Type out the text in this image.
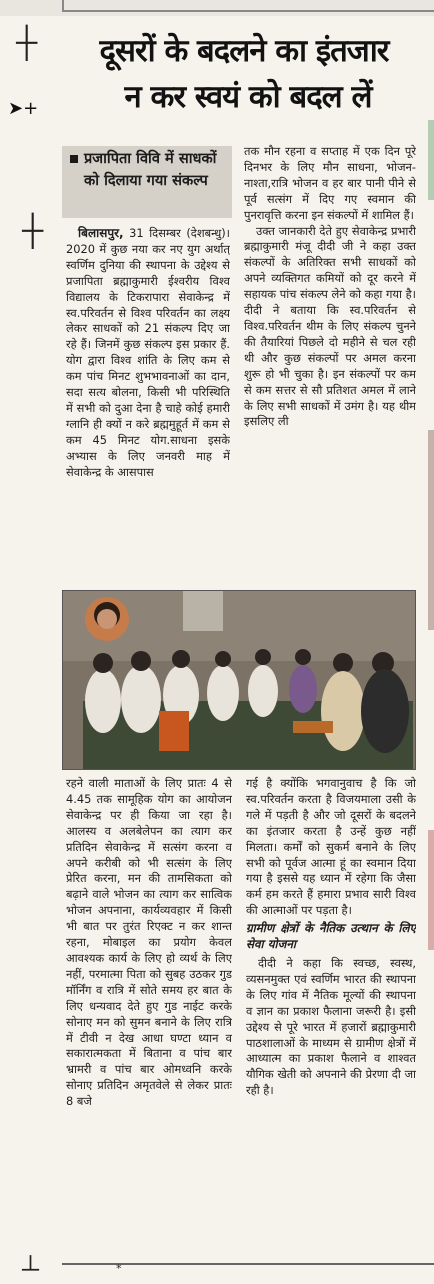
┼
➤+
┼
दूसरों के बदलने का इंतजार
न कर स्वयं को बदल लें
प्रजापिता विवि में साधकों को दिलाया गया संकल्प

बिलासपुर, 31 दिसम्बर (देशबन्धु)। 2020 में कुछ नया कर नए युग अर्थात् स्वर्णिम दुनिया की स्थापना के उद्देश्य से प्रजापिता ब्रह्माकुमारी ईश्वरीय विश्व विद्यालय के टिकरापारा सेवाकेन्द्र में स्व.परिवर्तन से विश्व परिवर्तन का लक्ष्य लेकर साधकों को 21 संकल्प दिए जा रहे हैं। जिनमें कुछ संकल्प इस प्रकार हैं. योग द्वारा विश्व शांति के लिए कम से कम पांच मिनट शुभभावनाओं का दान, सदा सत्य बोलना, किसी भी परिस्थिति में सभी को दुआ देना है चाहे कोई हमारी ग्लानि ही क्यों न करे ब्रह्ममुहूर्त में कम से कम 45 मिनट योग.साधना इसके अभ्यास के लिए जनवरी माह में सेवाकेन्द्र के आसपास

तक मौन रहना व सप्ताह में एक दिन पूरे दिनभर के लिए मौन साधना, भोजन-नाश्ता,रात्रि भोजन व हर बार पानी पीने से पूर्व सत्संग में दिए गए स्वमान की पुनरावृत्ति करना इन संकल्पों में शामिल हैं।

उक्त जानकारी देते हुए सेवाकेन्द्र प्रभारी ब्रह्माकुमारी मंजू दीदी जी ने कहा उक्त संकल्पों के अतिरिक्त सभी साधकों को अपने व्यक्तिगत कमियों को दूर करने में सहायक पांच संकल्प लेने को कहा गया है। दीदी ने बताया कि स्व.परिवर्तन से विश्व.परिवर्तन थीम के लिए संकल्प चुनने की तैयारियां पिछले दो महीने से चल रही थी और कुछ संकल्पों पर अमल करना शुरू हो भी चुका है। इन संकल्पों पर कम से कम सत्तर से सौ प्रतिशत अमल में लाने के लिए सभी साधकों में उमंग है। यह थीम इसलिए ली

रहने वाली माताओं के लिए प्रातः 4 से 4.45 तक सामूहिक योग का आयोजन सेवाकेन्द्र पर ही किया जा रहा है। आलस्य व अलबेलेपन का त्याग कर प्रतिदिन सेवाकेन्द्र में सत्संग करना व अपने करीबी को भी सत्संग के लिए प्रेरित करना, मन की तामसिकता को बढ़ाने वाले भोजन का त्याग कर सात्विक भोजन अपनाना, कार्यव्यवहार में किसी भी बात पर तुरंत रिएक्ट न कर शान्त रहना, मोबाइल का प्रयोग केवल आवश्यक कार्य के लिए हो व्यर्थ के लिए नहीं, परमात्मा पिता को सुबह उठकर गुड मॉर्निंग व रात्रि में सोते समय हर बात के लिए धन्यवाद देते हुए गुड नाईट करके सोनाए मन को सुमन बनाने के लिए रात्रि में टीवी न देख आधा घण्टा ध्यान व सकारात्मकता में बिताना व पांच बार भ्रामरी व पांच बार ओमध्वनि करके सोनाए प्रतिदिन अमृतवेले से लेकर प्रातः 8 बजे

गई है क्योंकि भगवानुवाच है कि जो स्व.परिवर्तन करता है विजयमाला उसी के गले में पड़ती है और जो दूसरों के बदलने का इंतजार करता है उन्हें कुछ नहीं मिलता। कर्मों को सुकर्म बनाने के लिए सभी को पूर्वज आत्मा हूं का स्वमान दिया गया है इससे यह ध्यान में रहेगा कि जैसा कर्म हम करते हैं हमारा प्रभाव सारी विश्व की आत्माओं पर पड़ता है।

ग्रामीण क्षेत्रों के नैतिक उत्थान के लिए सेवा योजना

दीदी ने कहा कि स्वच्छ, स्वस्थ, व्यसनमुक्त एवं स्वर्णिम भारत की स्थापना के लिए गांव में नैतिक मूल्यों की स्थापना व ज्ञान का प्रकाश फैलाना जरूरी है। इसी उद्देश्य से पूरे भारत में हजारों ब्रह्माकुमारी पाठशालाओं के माध्यम से ग्रामीण क्षेत्रों में आध्यात्म का प्रकाश फैलाने व शाश्वत यौगिक खेती को अपनाने की प्रेरणा दी जा रही है।

*
┴
